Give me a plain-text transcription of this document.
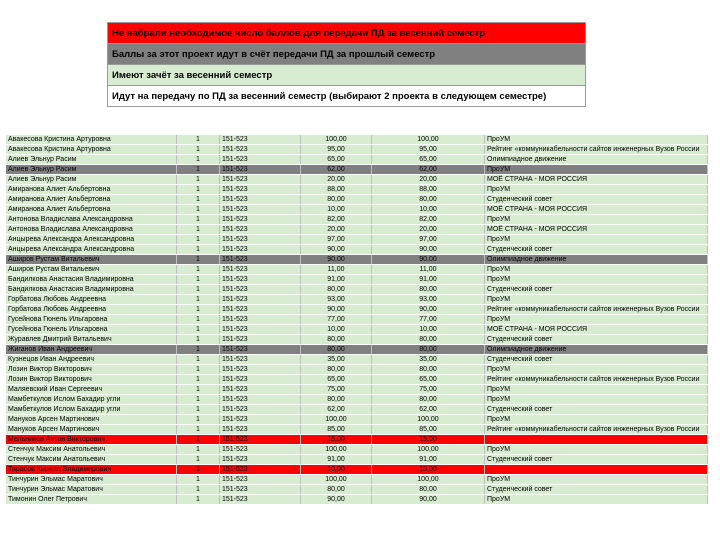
Не набрали необходимое число баллов для передачи ПД за весенний семестр
Баллы за этот проект идут в счёт передачи ПД за прошлый семестр
Имеют зачёт за весенний семестр
Идут на передачу по ПД за весенний семестр (выбирают 2 проекта в следующем семестре)
Авакесова Кристина Артуровна	1	151-523	100,00	100,00	ПроУМ
Авакесова Кристина Артуровна	1	151-523	95,00	95,00	Рейтинг «коммуникабельности сайтов инженерных Вузов России
Алиев Эльнур Расим	1	151-523	65,00	65,00	Олимпиадное движение
Алиев Эльнур Расим	1	151-523	62,00	62,00	ПроУМ
Алиев Эльнур Расим	1	151-523	20,00	20,00	МОЁ СТРАНА - МОЯ РОССИЯ
Амиранова Алиет Альбертовна	1	151-523	88,00	88,00	ПроУМ
Амиранова Алиет Альбертовна	1	151-523	80,00	80,00	Студенческий совет
Амиранова Алиет Альбертовна	1	151-523	10,00	10,00	МОЁ СТРАНА - МОЯ РОССИЯ
Антонова Владислава Александровна	1	151-523	82,00	82,00	ПроУМ
Антонова Владислава Александровна	1	151-523	20,00	20,00	МОЁ СТРАНА - МОЯ РОССИЯ
Анцырева Александра Александровна	1	151-523	97,00	97,00	ПроУМ
Анцырева Александра Александровна	1	151-523	90,00	90,00	Студенческий совет
Аширов Рустам Витальевич	1	151-523	90,00	90,00	Олимпиадное движение
Аширов Рустам Витальевич	1	151-523	11,00	11,00	ПроУМ
Бандилкова Анастасия Владимировна	1	151-523	91,00	91,00	ПроУМ
Бандилкова Анастасия Владимировна	1	151-523	80,00	80,00	Студенческий совет
Горбатова Любовь Андреевна	1	151-523	93,00	93,00	ПроУМ
Горбатова Любовь Андреевна	1	151-523	90,00	90,00	Рейтинг «коммуникабельности сайтов инженерных Вузов России
Гусейнова Гюнель Ильгаровна	1	151-523	77,00	77,00	ПроУМ
Гусейнова Гюнель Ильгаровна	1	151-523	10,00	10,00	МОЁ СТРАНА - МОЯ РОССИЯ
Журавлев Дмитрий Витальевич	1	151-523	80,00	80,00	Студенческий совет
Жиганов Иван Андреевич	1	151-523	80,00	80,00	Олимпиадное движение
Кузнецов Иван Андреевич	1	151-523	35,00	35,00	Студенческий совет
Лозин Виктор Викторович	1	151-523	80,00	80,00	ПроУМ
Лозин Виктор Викторович	1	151-523	65,00	65,00	Рейтинг «коммуникабельности сайтов инженерных Вузов России
Маляевский Иван Сергеевич	1	151-523	75,00	75,00	ПроУМ
Мамбеткулов Ислом Бахадир угли	1	151-523	80,00	80,00	ПроУМ
Мамбеткулов Ислом Бахадир угли	1	151-523	62,00	62,00	Студенческий совет
Мануков Арсен Мартинович	1	151-523	100,00	100,00	ПроУМ
Мануков Арсен Мартинович	1	151-523	85,00	85,00	Рейтинг «коммуникабельности сайтов инженерных Вузов России
Мельников Антон Викторович	1	151-523	15,00	15,00	
Стенчук Максим Анатольевич	1	151-523	100,00	100,00	ПроУМ
Стенчук Максим Анатольевич	1	151-523	91,00	91,00	Студенческий совет
Тарасов Кирилл Владимирович	1	151-523	10,00	10,00	
Тинчурин Эльмас Маратович	1	151-523	100,00	100,00	ПроУМ
Тинчурин Эльмас Маратович	1	151-523	80,00	80,00	Студенческий совет
Тимонин Олег Петрович	1	151-523	90,00	90,00	ПроУМ
